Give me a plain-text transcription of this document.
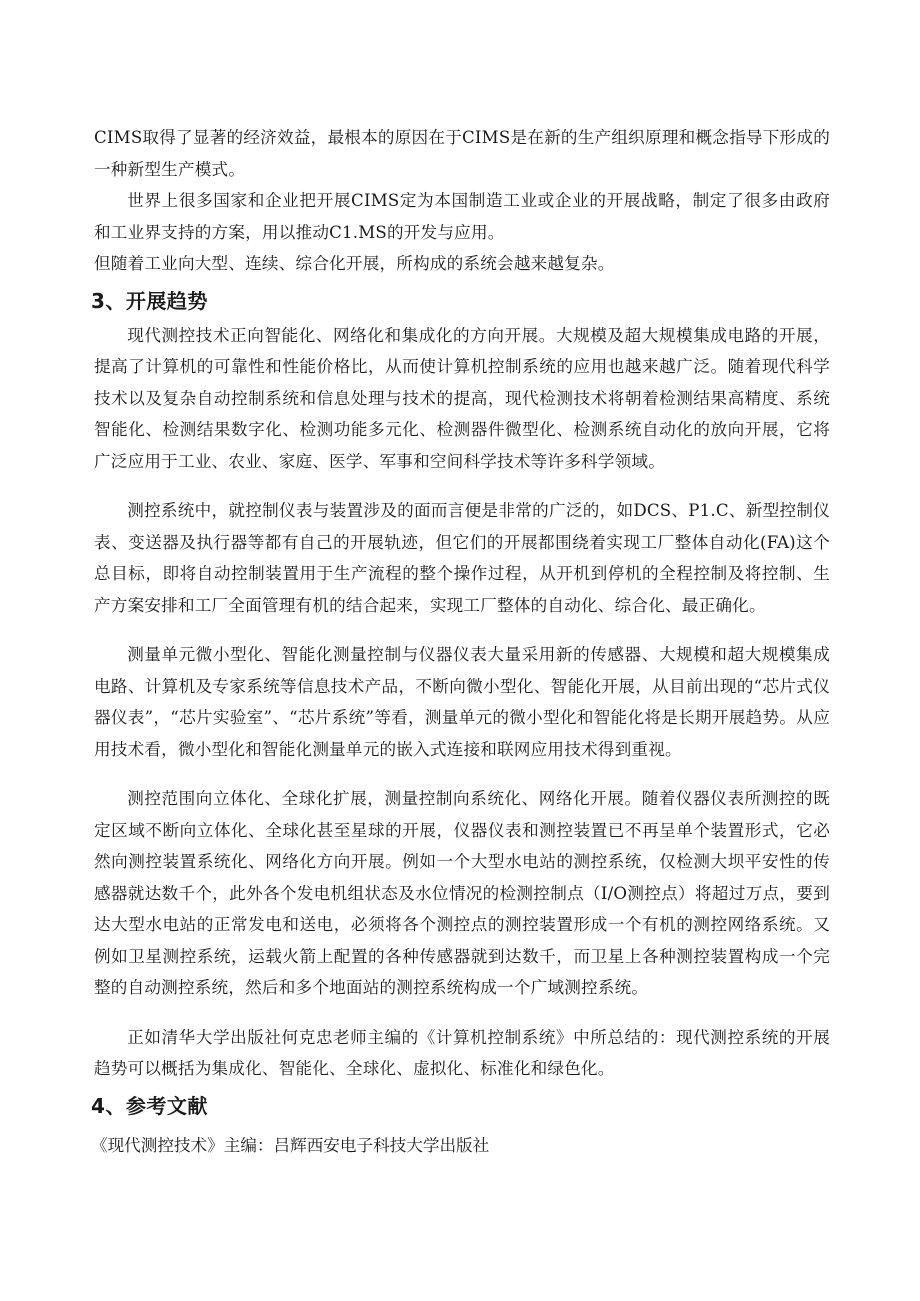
CIMS取得了显著的经济效益，最根本的原因在于CIMS是在新的生产组织原理和概念指导下形成的一种新型生产模式。

世界上很多国家和企业把开展CIMS定为本国制造工业或企业的开展战略，制定了很多由政府和工业界支持的方案，用以推动C1.MS的开发与应用。

但随着工业向大型、连续、综合化开展，所构成的系统会越来越复杂。

3、开展趋势

现代测控技术正向智能化、网络化和集成化的方向开展。大规模及超大规模集成电路的开展，提高了计算机的可靠性和性能价格比，从而使计算机控制系统的应用也越来越广泛。随着现代科学技术以及复杂自动控制系统和信息处理与技术的提高，现代检测技术将朝着检测结果高精度、系统智能化、检测结果数字化、检测功能多元化、检测器件微型化、检测系统自动化的放向开展，它将广泛应用于工业、农业、家庭、医学、军事和空间科学技术等许多科学领域。

测控系统中，就控制仪表与装置涉及的面而言便是非常的广泛的，如DCS、P1.C、新型控制仪表、变送器及执行器等都有自己的开展轨迹，但它们的开展都围绕着实现工厂整体自动化(FA)这个总目标，即将自动控制装置用于生产流程的整个操作过程，从开机到停机的全程控制及将控制、生产方案安排和工厂全面管理有机的结合起来，实现工厂整体的自动化、综合化、最正确化。

测量单元微小型化、智能化测量控制与仪器仪表大量采用新的传感器、大规模和超大规模集成电路、计算机及专家系统等信息技术产品，不断向微小型化、智能化开展，从目前出现的“芯片式仪器仪表”，“芯片实验室”、“芯片系统”等看，测量单元的微小型化和智能化将是长期开展趋势。从应用技术看，微小型化和智能化测量单元的嵌入式连接和联网应用技术得到重视。

测控范围向立体化、全球化扩展，测量控制向系统化、网络化开展。随着仪器仪表所测控的既定区域不断向立体化、全球化甚至星球的开展，仪器仪表和测控装置已不再呈单个装置形式，它必然向测控装置系统化、网络化方向开展。例如一个大型水电站的测控系统，仅检测大坝平安性的传感器就达数千个，此外各个发电机组状态及水位情况的检测控制点（I/O测控点）将超过万点，要到达大型水电站的正常发电和送电，必须将各个测控点的测控装置形成一个有机的测控网络系统。又例如卫星测控系统，运载火箭上配置的各种传感器就到达数千，而卫星上各种测控装置构成一个完整的自动测控系统，然后和多个地面站的测控系统构成一个广域测控系统。

正如清华大学出版社何克忠老师主编的《计算机控制系统》中所总结的：现代测控系统的开展趋势可以概括为集成化、智能化、全球化、虚拟化、标准化和绿色化。

4、参考文献

《现代测控技术》主编：吕辉西安电子科技大学出版社
